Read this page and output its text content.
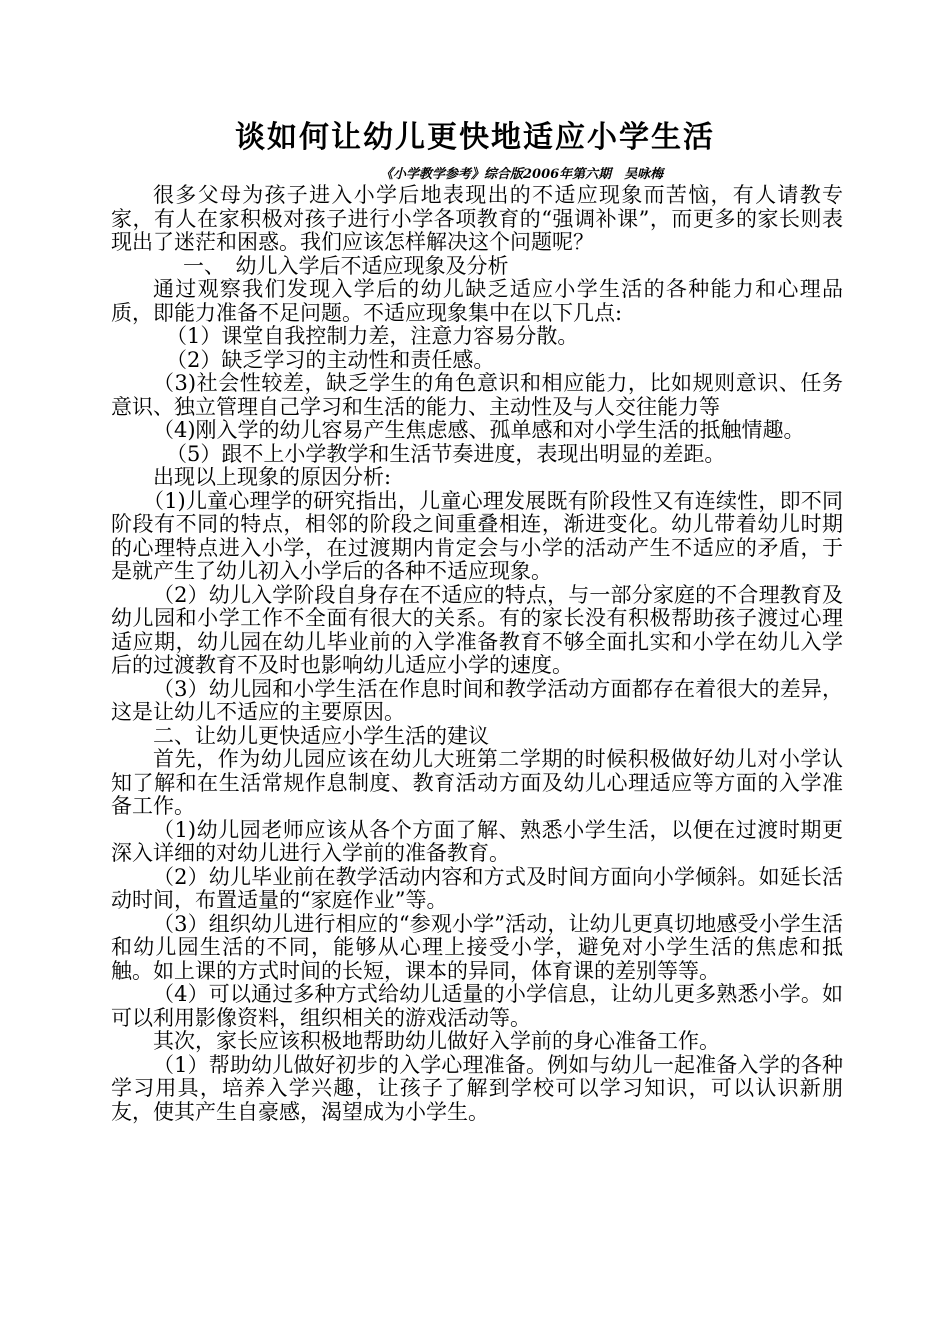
谈如何让幼儿更快地适应小学生活
《小学教学参考》综合版2006年第六期　吴咏梅

很多父母为孩子进入小学后地表现出的不适应现象而苦恼，有人请教专家，有人在家积极对孩子进行小学各项教育的“强调补课”，而更多的家长则表现出了迷茫和困惑。我们应该怎样解决这个问题呢？

一、　幼儿入学后不适应现象及分析

通过观察我们发现入学后的幼儿缺乏适应小学生活的各种能力和心理品质，即能力准备不足问题。不适应现象集中在以下几点:

（1）课堂自我控制力差，注意力容易分散。

（2）缺乏学习的主动性和责任感。

（3)社会性较差，缺乏学生的角色意识和相应能力，比如规则意识、任务意识、独立管理自己学习和生活的能力、主动性及与人交往能力等

（4)刚入学的幼儿容易产生焦虑感、孤单感和对小学生活的抵触情趣。

（5）跟不上小学教学和生活节奏进度，表现出明显的差距。

出现以上现象的原因分析:

（1)儿童心理学的研究指出，儿童心理发展既有阶段性又有连续性，即不同阶段有不同的特点，相邻的阶段之间重叠相连，渐进变化。幼儿带着幼儿时期的心理特点进入小学，在过渡期内肯定会与小学的活动产生不适应的矛盾，于是就产生了幼儿初入小学后的各种不适应现象。

（2）幼儿入学阶段自身存在不适应的特点，与一部分家庭的不合理教育及幼儿园和小学工作不全面有很大的关系。有的家长没有积极帮助孩子渡过心理适应期，幼儿园在幼儿毕业前的入学准备教育不够全面扎实和小学在幼儿入学后的过渡教育不及时也影响幼儿适应小学的速度。

（3）幼儿园和小学生活在作息时间和教学活动方面都存在着很大的差异，这是让幼儿不适应的主要原因。

二、让幼儿更快适应小学生活的建议

首先，作为幼儿园应该在幼儿大班第二学期的时候积极做好幼儿对小学认知了解和在生活常规作息制度、教育活动方面及幼儿心理适应等方面的入学准备工作。

（1)幼儿园老师应该从各个方面了解、熟悉小学生活，以便在过渡时期更深入详细的对幼儿进行入学前的准备教育。

（2）幼儿毕业前在教学活动内容和方式及时间方面向小学倾斜。如延长活动时间，布置适量的“家庭作业”等。

（3）组织幼儿进行相应的“参观小学”活动，让幼儿更真切地感受小学生活和幼儿园生活的不同，能够从心理上接受小学，避免对小学生活的焦虑和抵触。如上课的方式时间的长短，课本的异同，体育课的差别等等。

（4）可以通过多种方式给幼儿适量的小学信息，让幼儿更多熟悉小学。如可以利用影像资料，组织相关的游戏活动等。

其次，家长应该积极地帮助幼儿做好入学前的身心准备工作。

（1）帮助幼儿做好初步的入学心理准备。例如与幼儿一起准备入学的各种学习用具，培养入学兴趣，让孩子了解到学校可以学习知识，可以认识新朋友，使其产生自豪感，渴望成为小学生。
